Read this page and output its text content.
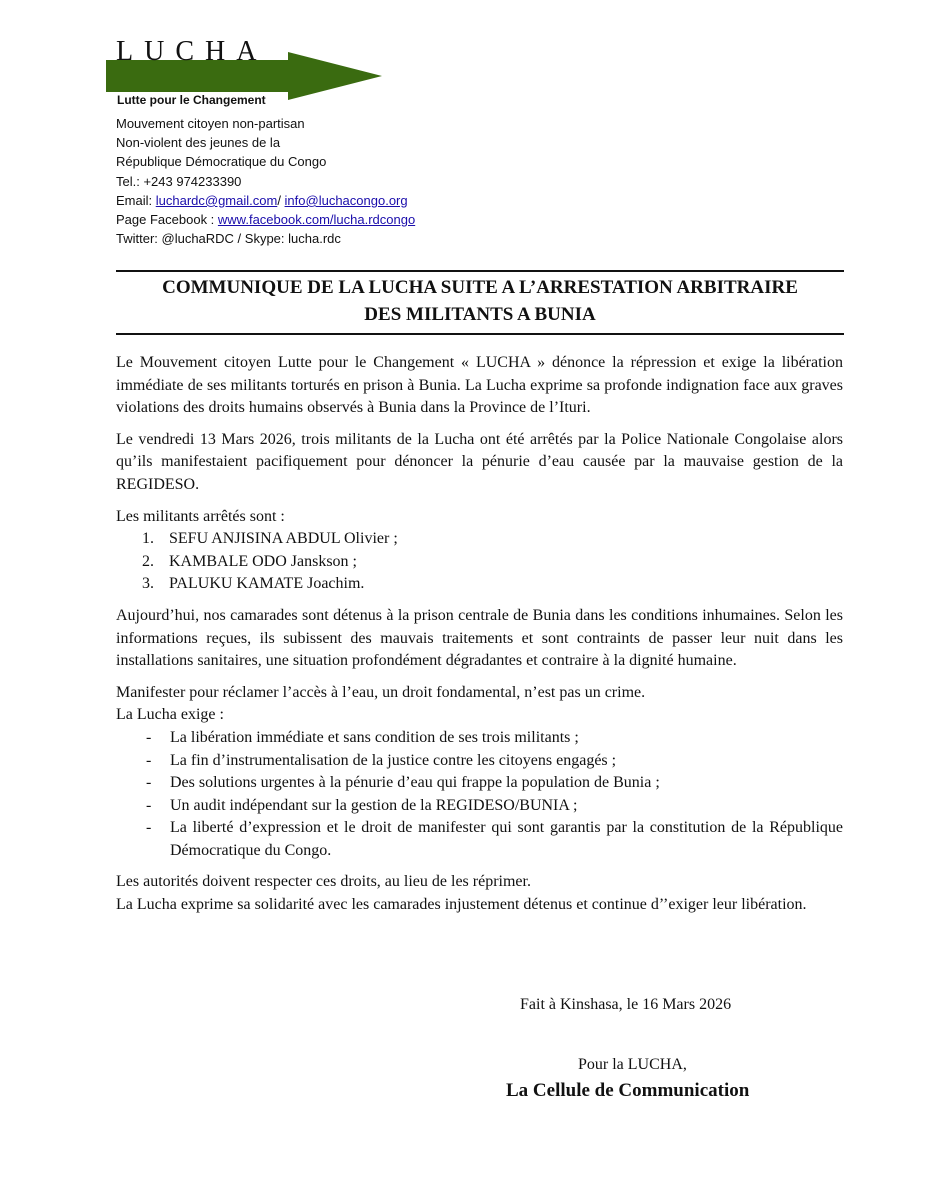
LUCHA
Lutte pour le Changement
Mouvement citoyen non-partisan
Non-violent des jeunes de la
République Démocratique du Congo
Tel.: +243 974233390
Email: luchardc@gmail.com/ info@luchacongo.org
Page Facebook : www.facebook.com/lucha.rdcongo
Twitter: @luchaRDC / Skype: lucha.rdc
COMMUNIQUE DE LA LUCHA SUITE A L’ARRESTATION ARBITRAIRE
DES MILITANTS A BUNIA

Le Mouvement citoyen Lutte pour le Changement « LUCHA » dénonce la répression et exige la libération immédiate de ses militants torturés en prison à Bunia. La Lucha exprime sa profonde indignation face aux graves violations des droits humains observés à Bunia dans la Province de l’Ituri.

Le vendredi 13 Mars 2026, trois militants de la Lucha ont été arrêtés par la Police Nationale Congolaise alors qu’ils manifestaient pacifiquement pour dénoncer la pénurie d’eau causée par la mauvaise gestion de la REGIDESO.

Les militants arrêtés sont :

1. SEFU ANJISINA ABDUL Olivier ;
2. KAMBALE ODO Janskson ;
3. PALUKU KAMATE Joachim.

Aujourd’hui, nos camarades sont détenus à la prison centrale de Bunia dans les conditions inhumaines. Selon les informations reçues, ils subissent des mauvais traitements et sont contraints de passer leur nuit dans les installations sanitaires, une situation profondément dégradantes et contraire à la dignité humaine.

Manifester pour réclamer l’accès à l’eau, un droit fondamental, n’est pas un crime.

La Lucha exige :

- La libération immédiate et sans condition de ses trois militants ;
- La fin d’instrumentalisation de la justice contre les citoyens engagés ;
- Des solutions urgentes à la pénurie d’eau qui frappe la population de Bunia ;
- Un audit indépendant sur la gestion de la REGIDESO/BUNIA ;
- La liberté d’expression et le droit de manifester qui sont garantis par la constitution de la République Démocratique du Congo.

Les autorités doivent respecter ces droits, au lieu de les réprimer.

La Lucha exprime sa solidarité avec les camarades injustement détenus et continue d’’exiger leur libération.

Fait à Kinshasa, le 16 Mars 2026
Pour la LUCHA,
La Cellule de Communication
